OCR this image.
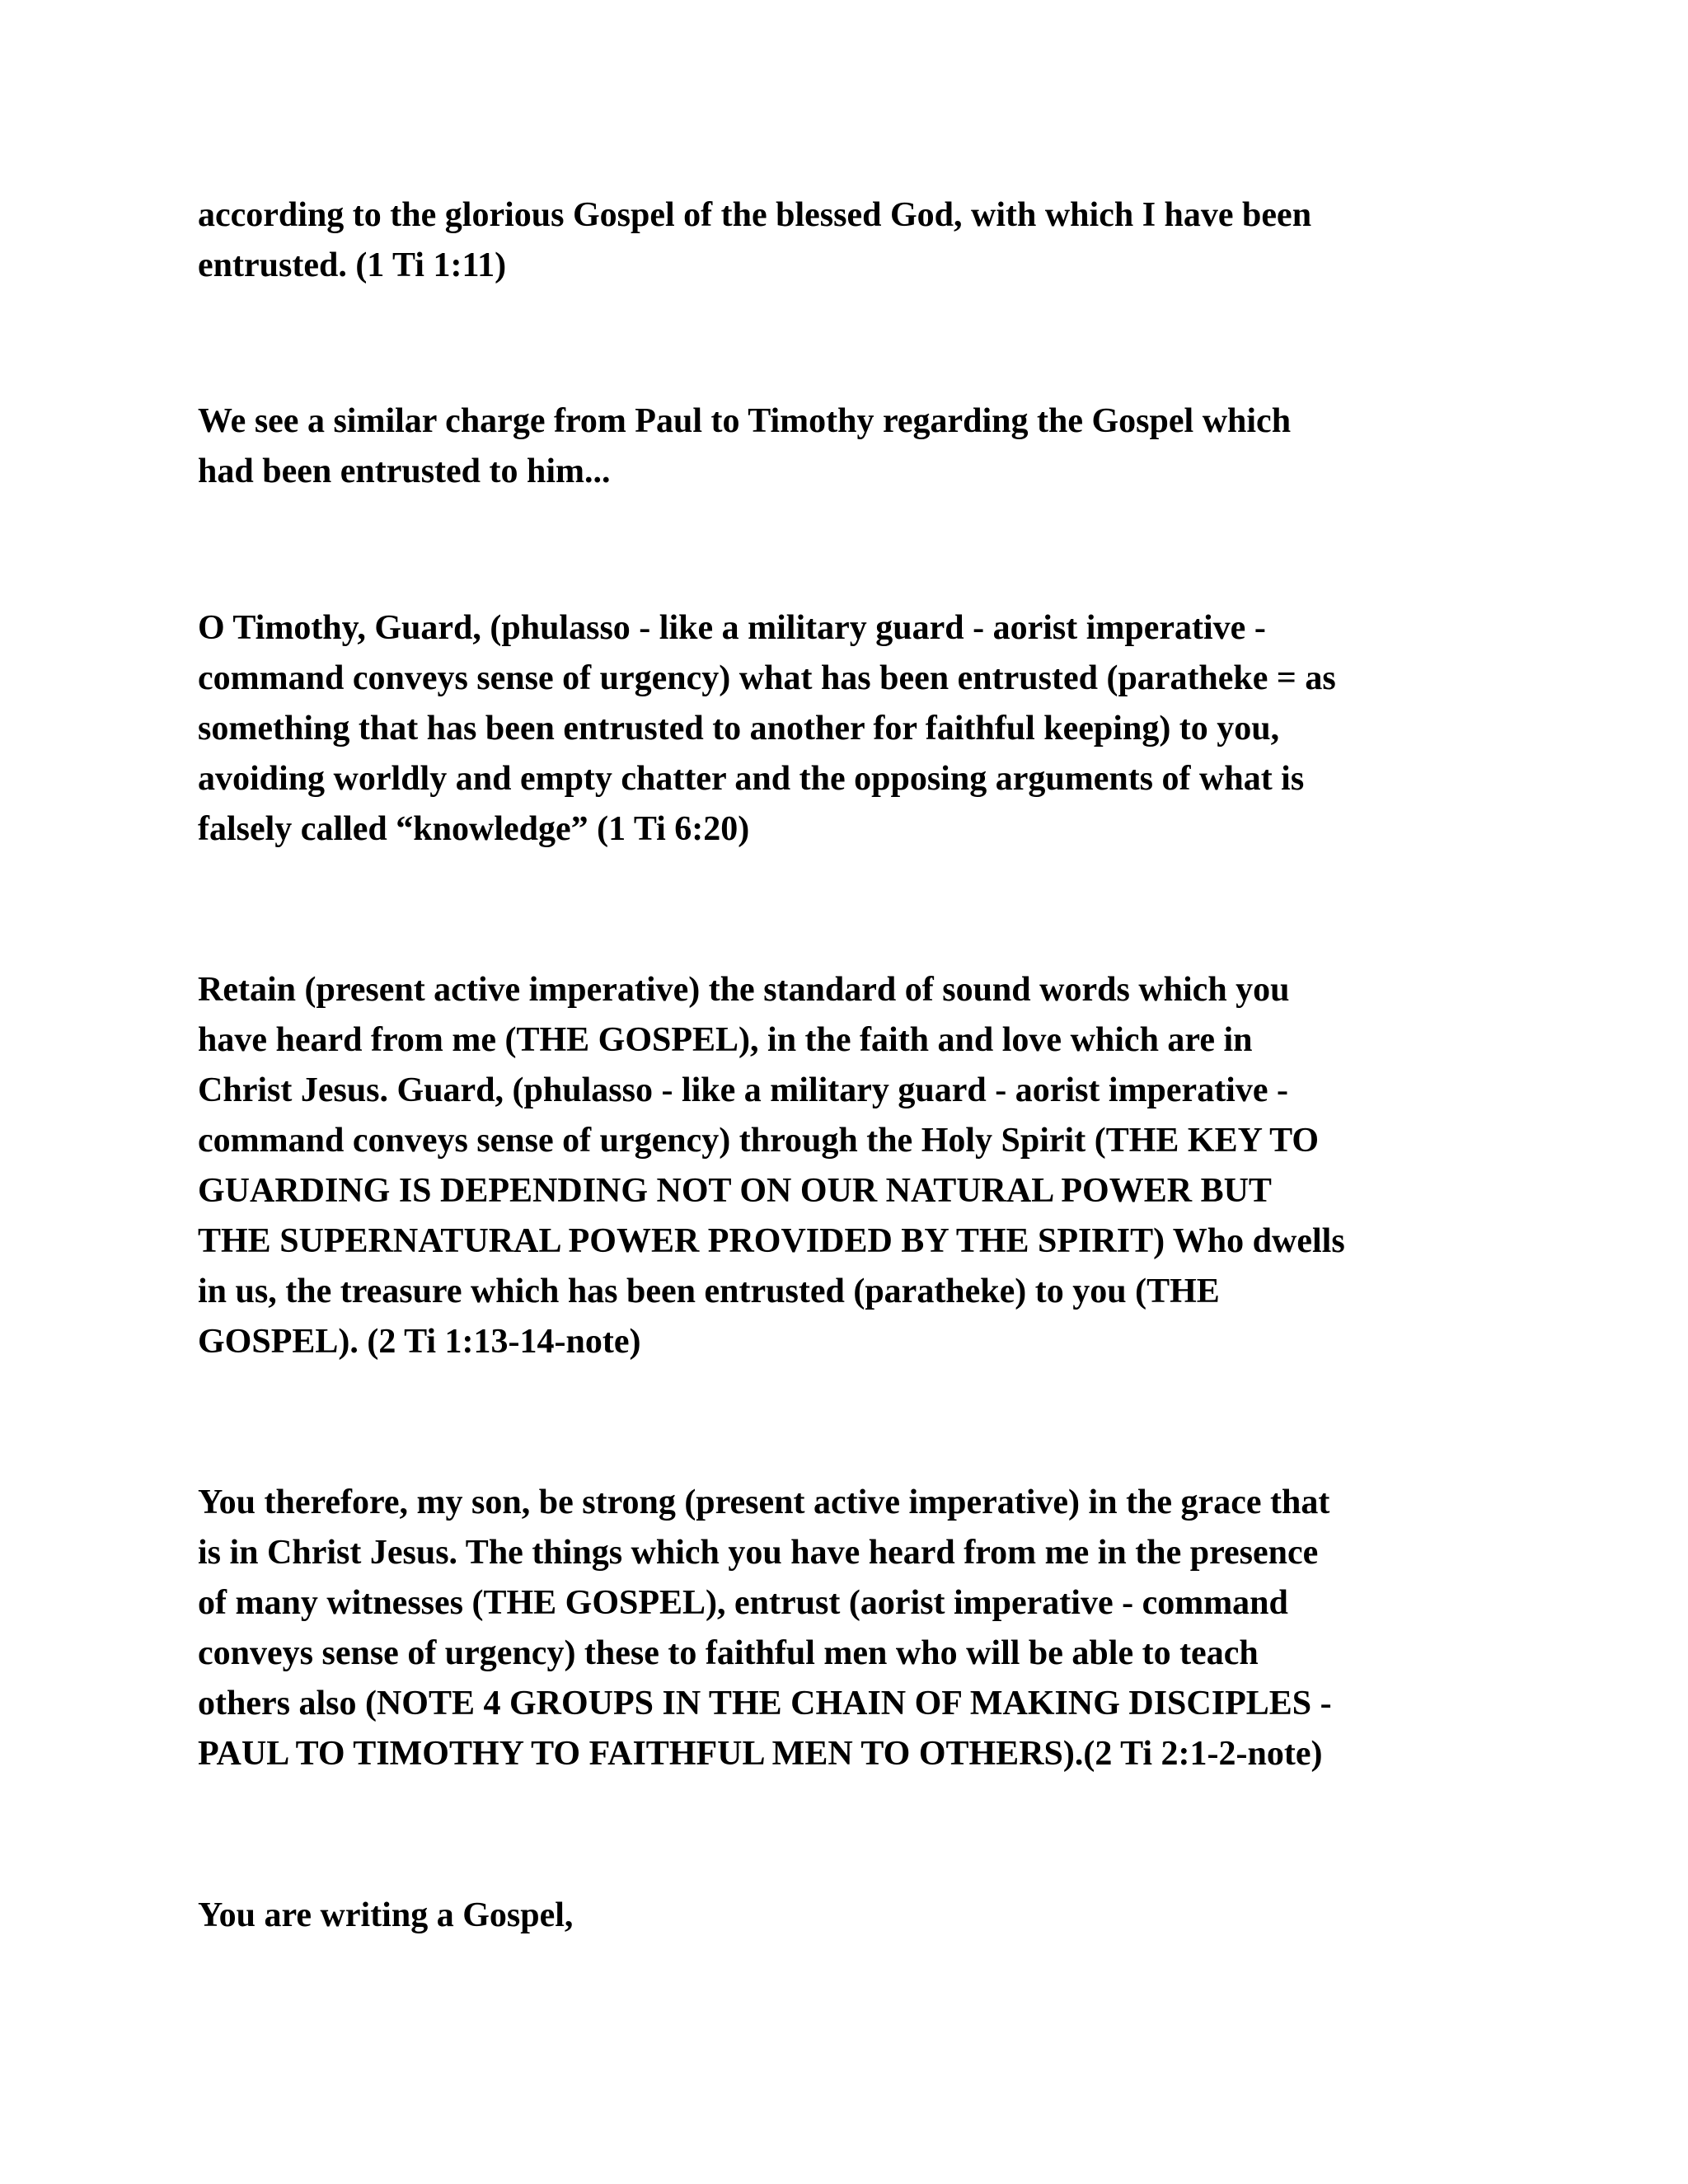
according to the glorious Gospel of the blessed God, with which I have been
entrusted. (1 Ti 1:11)

We see a similar charge from Paul to Timothy regarding the Gospel which
had been entrusted to him...

O Timothy, Guard, (phulasso - like a military guard - aorist imperative -
command conveys sense of urgency) what has been entrusted (paratheke = as
something that has been entrusted to another for faithful keeping) to you,
avoiding worldly and empty chatter and the opposing arguments of what is
falsely called “knowledge” (1 Ti 6:20)

Retain (present active imperative) the standard of sound words which you
have heard from me (THE GOSPEL), in the faith and love which are in
Christ Jesus. Guard, (phulasso - like a military guard - aorist imperative -
command conveys sense of urgency) through the Holy Spirit (THE KEY TO
GUARDING IS DEPENDING NOT ON OUR NATURAL POWER BUT
THE SUPERNATURAL POWER PROVIDED BY THE SPIRIT) Who dwells
in us, the treasure which has been entrusted (paratheke) to you (THE
GOSPEL). (2 Ti 1:13-14-note)

You therefore, my son, be strong (present active imperative) in the grace that
is in Christ Jesus. The things which you have heard from me in the presence
of many witnesses (THE GOSPEL), entrust (aorist imperative - command
conveys sense of urgency) these to faithful men who will be able to teach
others also (NOTE 4 GROUPS IN THE CHAIN OF MAKING DISCIPLES -
PAUL TO TIMOTHY TO FAITHFUL MEN TO OTHERS).(2 Ti 2:1-2-note)

You are writing a Gospel,
